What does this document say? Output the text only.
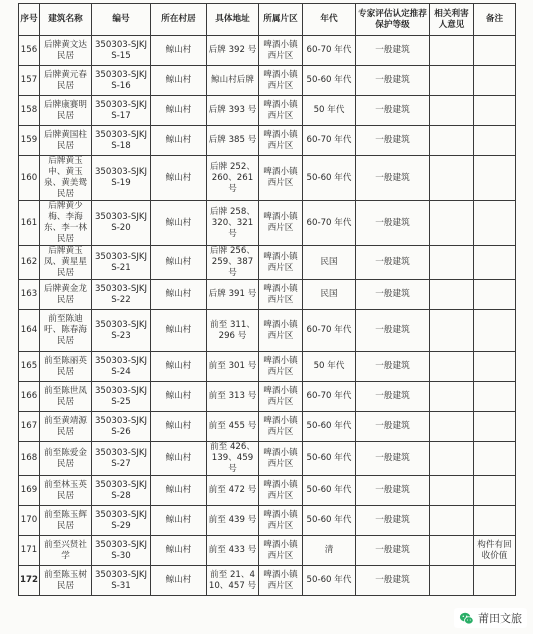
序号	建筑名称	编号	所在村居	具体地址	所属片区	年代	专家评估认定推荐保护等级	相关利害人意见	备注
156	后牌黄文达民居	350303-SJKJS-15	鲸山村	后牌 392 号	啤酒小镇西片区	60-70 年代	一般建筑		
157	后牌黄元春民居	350303-SJKJS-16	鲸山村	鲸山村后牌	啤酒小镇西片区	50-60 年代	一般建筑		
158	后牌康赛明民居	350303-SJKJS-17	鲸山村	后牌 393 号	啤酒小镇西片区	50 年代	一般建筑		
159	后牌黄国柱民居	350303-SJKJS-18	鲸山村	后牌 385 号	啤酒小镇西片区	60-70 年代	一般建筑		
160	后牌黄玉申、黄玉泉、黄美鸳民居	350303-SJKJS-19	鲸山村	后牌 252、260、261 号	啤酒小镇西片区	50-60 年代	一般建筑		
161	后牌黄少梅、李海东、李一林民居	350303-SJKJS-20	鲸山村	后牌 258、320、321 号	啤酒小镇西片区	60-70 年代	一般建筑		
162	后牌黄玉凤、黄星星民居	350303-SJKJS-21	鲸山村	后牌 256、259、387 号	啤酒小镇西片区	民国	一般建筑		
163	后牌黄金龙民居	350303-SJKJS-22	鲸山村	后牌 391 号	啤酒小镇西片区	民国	一般建筑		
164	前至陈迪吁、陈春海民居	350303-SJKJS-23	鲸山村	前至 311、296 号	啤酒小镇西片区	60-70 年代	一般建筑		
165	前至陈丽英民居	350303-SJKJS-24	鲸山村	前至 301 号	啤酒小镇西片区	50 年代	一般建筑		
166	前至陈世凤民居	350303-SJKJS-25	鲸山村	前至 313 号	啤酒小镇西片区	60-70 年代	一般建筑		
167	前至黄靖源民居	350303-SJKJS-26	鲸山村	前至 455 号	啤酒小镇西片区	50-60 年代	一般建筑		
168	前至陈爱金民居	350303-SJKJS-27	鲸山村	前至 426、139、459 号	啤酒小镇西片区	50-60 年代	一般建筑		
169	前至林玉英民居	350303-SJKJS-28	鲸山村	前至 472 号	啤酒小镇西片区	50-60 年代	一般建筑		
170	前至陈玉辉民居	350303-SJKJS-29	鲸山村	前至 439 号	啤酒小镇西片区	50-60 年代	一般建筑		
171	前至兴贤社学	350303-SJKJS-30	鲸山村	前至 433 号	啤酒小镇西片区	清	一般建筑		构件有回收价值
172	前至陈玉树民居	350303-SJKJS-31	鲸山村	前至 21、410、457 号	啤酒小镇西片区	50-60 年代	一般建筑		
莆田文旅
